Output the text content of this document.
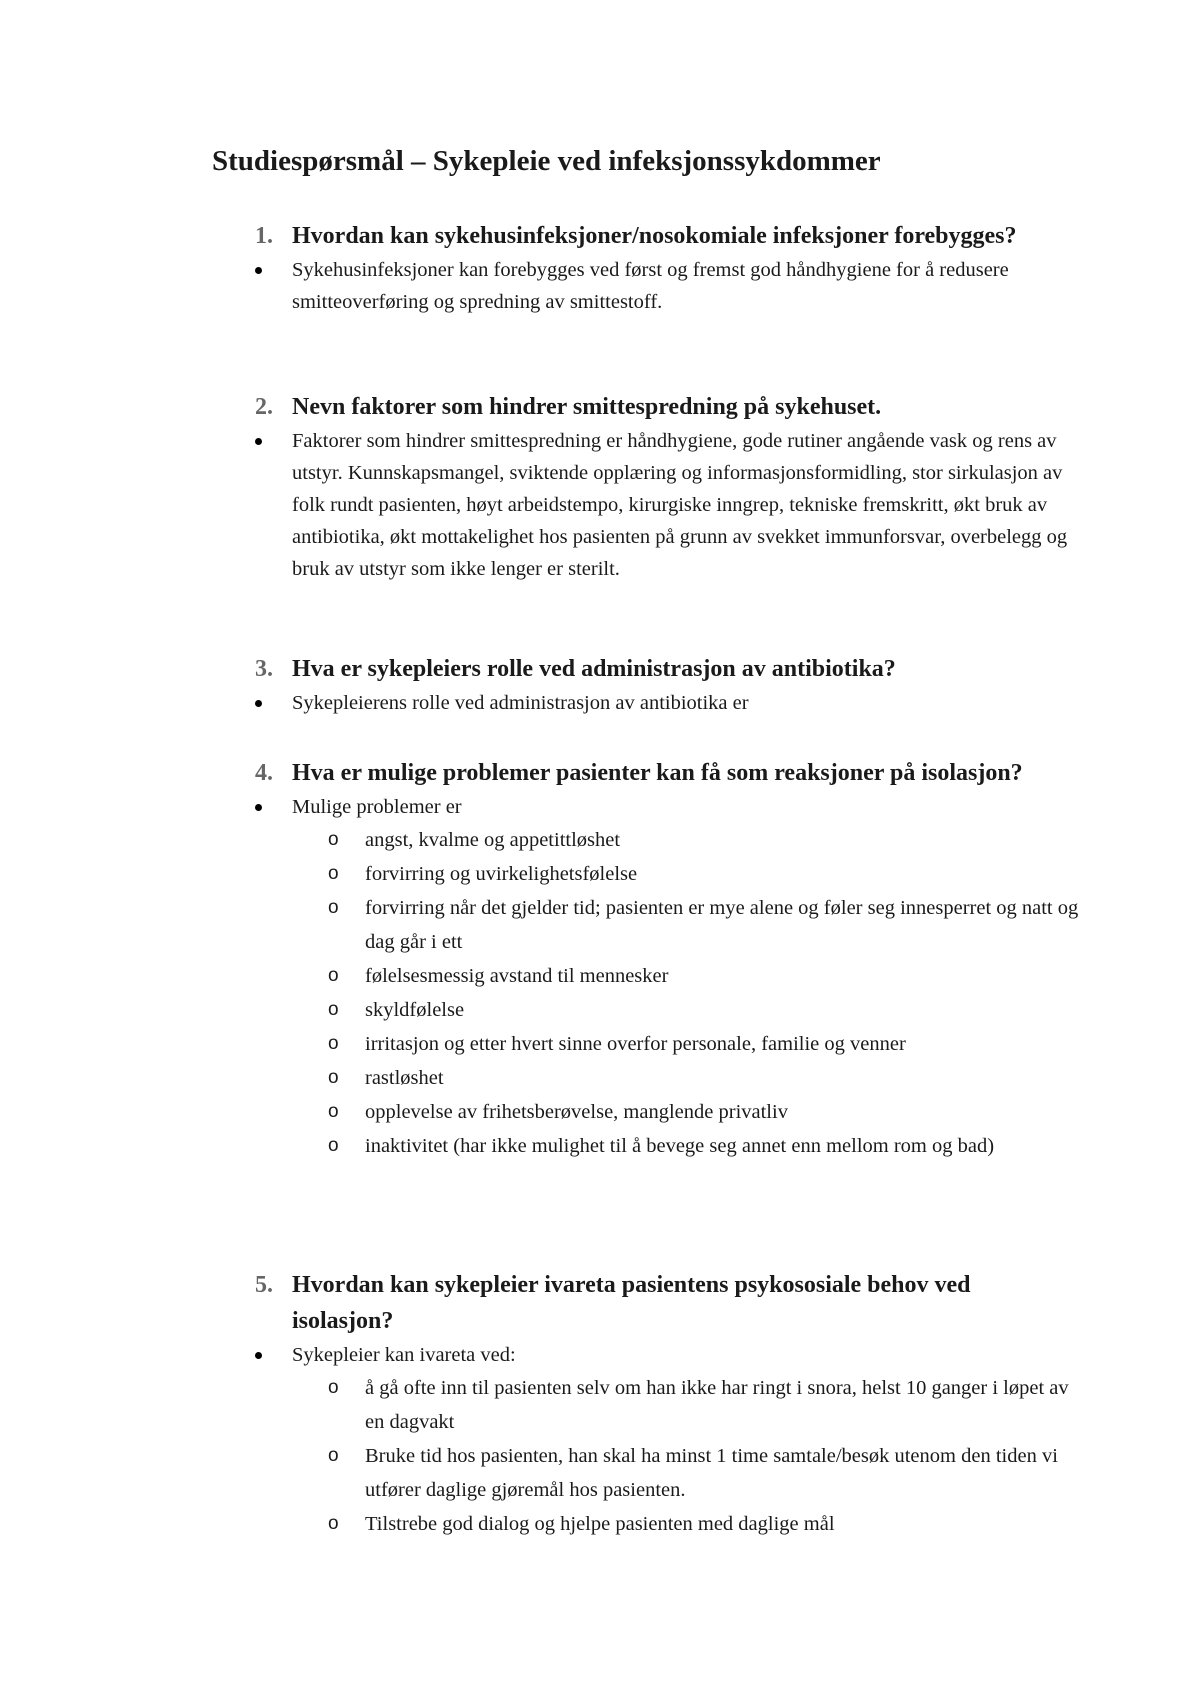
Studiespørsmål – Sykepleie ved infeksjonssykdommer
1. Hvordan kan sykehusinfeksjoner/nosokomiale infeksjoner forebygges?
Sykehusinfeksjoner kan forebygges ved først og fremst god håndhygiene for å redusere smitteoverføring og spredning av smittestoff.
2. Nevn faktorer som hindrer smittespredning på sykehuset.
Faktorer som hindrer smittespredning er håndhygiene, gode rutiner angående vask og rens av utstyr. Kunnskapsmangel, sviktende opplæring og informasjonsformidling, stor sirkulasjon av folk rundt pasienten, høyt arbeidstempo, kirurgiske inngrep, tekniske fremskritt, økt bruk av antibiotika, økt mottakelighet hos pasienten på grunn av svekket immunforsvar, overbelegg og bruk av utstyr som ikke lenger er sterilt.
3. Hva er sykepleiers rolle ved administrasjon av antibiotika?
Sykepleierens rolle ved administrasjon av antibiotika er
4. Hva er mulige problemer pasienter kan få som reaksjoner på isolasjon?
Mulige problemer er
o angst, kvalme og appetittløshet
o forvirring og uvirkelighetsfølelse
o forvirring når det gjelder tid; pasienten er mye alene og føler seg innesperret og natt og dag går i ett
o følelsesmessig avstand til mennesker
o skyldfølelse
o irritasjon og etter hvert sinne overfor personale, familie og venner
o rastløshet
o opplevelse av frihetsberøvelse, manglende privatliv
o inaktivitet (har ikke mulighet til å bevege seg annet enn mellom rom og bad)
5. Hvordan kan sykepleier ivareta pasientens psykososiale behov ved isolasjon?
Sykepleier kan ivareta ved:
o å gå ofte inn til pasienten selv om han ikke har ringt i snora, helst 10 ganger i løpet av en dagvakt
o Bruke tid hos pasienten, han skal ha minst 1 time samtale/besøk utenom den tiden vi utfører daglige gjøremål hos pasienten.
o Tilstrebe god dialog og hjelpe pasienten med daglige mål
